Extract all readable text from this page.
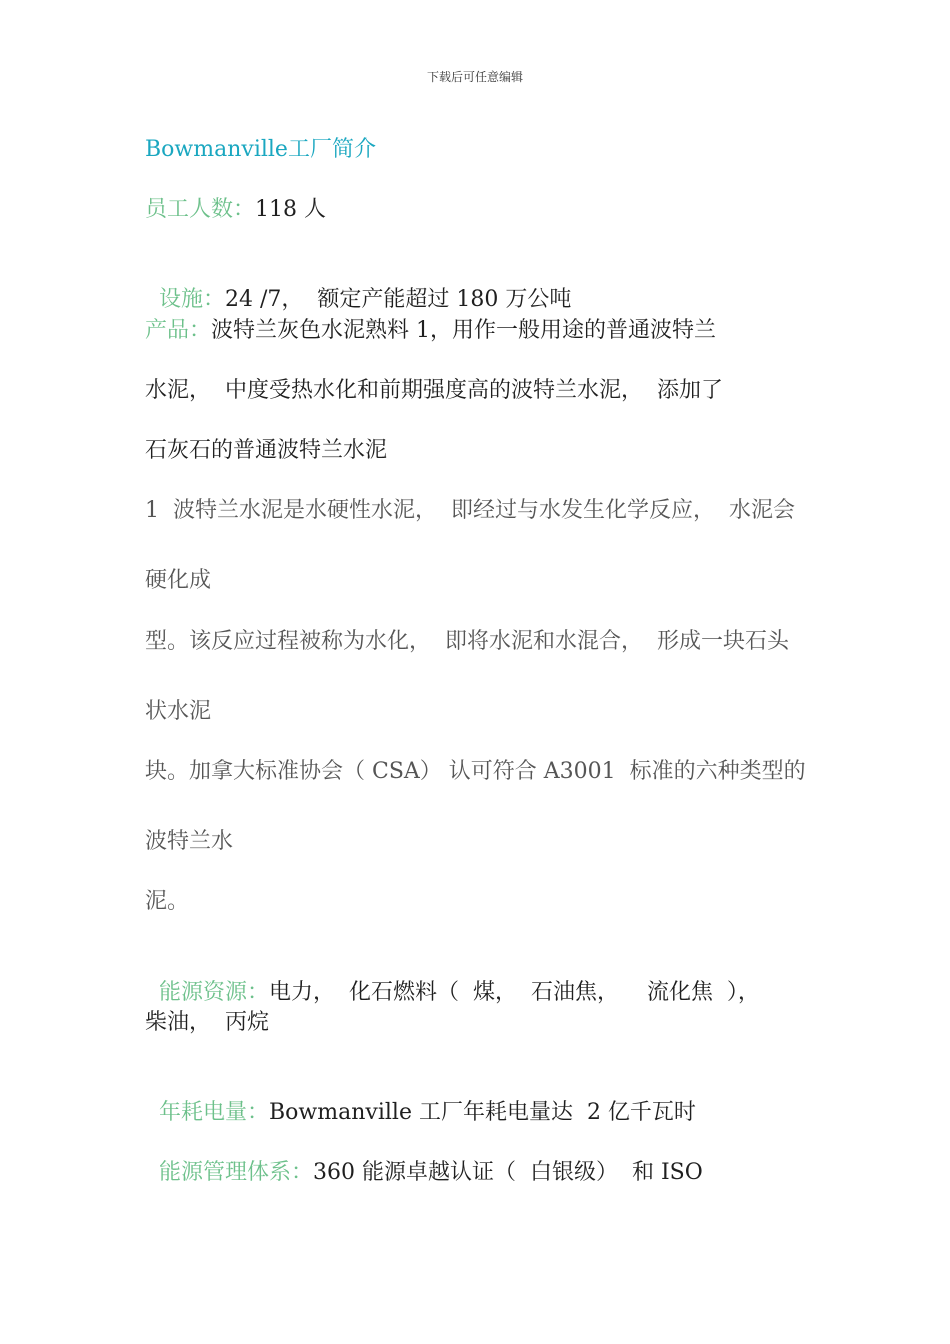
下载后可任意编辑
Bowmanville工厂简介
员工人数：118 人

设施：24 /7，  额定产能超过 180 万公吨

产品：波特兰灰色水泥熟料 1，用作一般用途的普通波特兰
水泥，  中度受热水化和前期强度高的波特兰水泥，  添加了
石灰石的普通波特兰水泥
1  波特兰水泥是水硬性水泥，  即经过与水发生化学反应，  水泥会
硬化成
型。该反应过程被称为水化，  即将水泥和水混合，  形成一块石头
状水泥
块。加拿大标准协会（ CSA） 认可符合 A3001  标准的六种类型的
波特兰水
泥。

能源资源：电力，  化石燃料（  煤，  石油焦，    流化焦  ），

柴油，  丙烷

年耗电量：Bowmanville 工厂年耗电量达  2 亿千瓦时

能源管理体系：360 能源卓越认证（  白银级）  和 ISO
